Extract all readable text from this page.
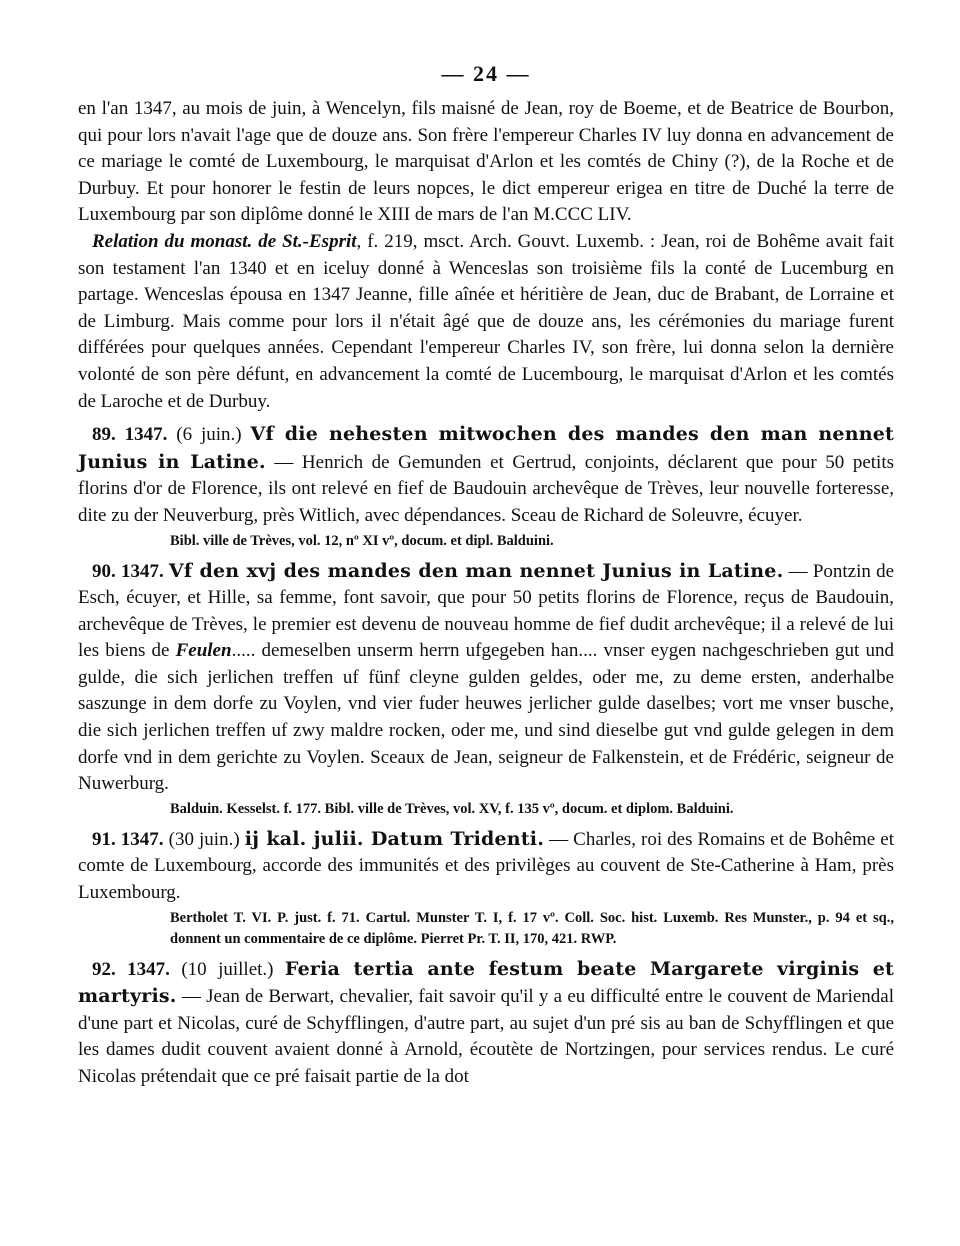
— 24 —

en l'an 1347, au mois de juin, à Wencelyn, fils maisné de Jean, roy de Boeme, et de Beatrice de Bourbon, qui pour lors n'avait l'age que de douze ans. Son frère l'empereur Charles IV luy donna en advancement de ce mariage le comté de Luxembourg, le marquisat d'Arlon et les comtés de Chiny (?), de la Roche et de Durbuy. Et pour honorer le festin de leurs nopces, le dict empereur erigea en titre de Duché la terre de Luxembourg par son diplôme donné le XIII de mars de l'an M.CCC LIV.

Relation du monast. de St.-Esprit, f. 219, msct. Arch. Gouvt. Luxemb. : Jean, roi de Bohême avait fait son testament l'an 1340 et en iceluy donné à Wenceslas son troisième fils la conté de Lucemburg en partage. Wenceslas épousa en 1347 Jeanne, fille aînée et héritière de Jean, duc de Brabant, de Lorraine et de Limburg. Mais comme pour lors il n'était âgé que de douze ans, les cérémonies du mariage furent différées pour quelques années. Cependant l'empereur Charles IV, son frère, lui donna selon la dernière volonté de son père défunt, en advancement la comté de Lucembourg, le marquisat d'Arlon et les comtés de Laroche et de Durbuy.

89. 1347. (6 juin.) Vf die nehesten mitwochen des mandes den man nennet Junius in Latine. — Henrich de Gemunden et Gertrud, conjoints, déclarent que pour 50 petits florins d'or de Florence, ils ont relevé en fief de Baudouin archevêque de Trèves, leur nouvelle forteresse, dite zu der Neuverburg, près Witlich, avec dépendances. Sceau de Richard de Soleuvre, écuyer.

Bibl. ville de Trèves, vol. 12, nº XI vº, docum. et dipl. Balduini.

90. 1347. Vf den xvj des mandes den man nennet Junius in Latine. — Pontzin de Esch, écuyer, et Hille, sa femme, font savoir, que pour 50 petits florins de Florence, reçus de Baudouin, archevêque de Trèves, le premier est devenu de nouveau homme de fief dudit archevêque; il a relevé de lui les biens de Feulen..... demeselben unserm herrn ufgegeben han.... vnser eygen nachgeschrieben gut und gulde, die sich jerlichen treffen uf fünf cleyne gulden geldes, oder me, zu deme ersten, anderhalbe saszunge in dem dorfe zu Voylen, vnd vier fuder heuwes jerlicher gulde daselbes; vort me vnser busche, die sich jerlichen treffen uf zwy maldre rocken, oder me, und sind dieselbe gut vnd gulde gelegen in dem dorfe vnd in dem gerichte zu Voylen. Sceaux de Jean, seigneur de Falkenstein, et de Frédéric, seigneur de Nuwerburg.

Balduin. Kesselst. f. 177. Bibl. ville de Trèves, vol. XV, f. 135 vº, docum. et diplom. Balduini.

91. 1347. (30 juin.) ij kal. julii. Datum Tridenti. — Charles, roi des Romains et de Bohême et comte de Luxembourg, accorde des immunités et des privilèges au couvent de Ste-Catherine à Ham, près Luxembourg.

Bertholet T. VI. P. just. f. 71. Cartul. Munster T. I, f. 17 vº. Coll. Soc. hist. Luxemb. Res Munster., p. 94 et sq., donnent un commentaire de ce diplôme. Pierret Pr. T. II, 170, 421. RWP.

92. 1347. (10 juillet.) Feria tertia ante festum beate Margarete virginis et martyris. — Jean de Berwart, chevalier, fait savoir qu'il y a eu difficulté entre le couvent de Mariendal d'une part et Nicolas, curé de Schyfflingen, d'autre part, au sujet d'un pré sis au ban de Schyfflingen et que les dames dudit couvent avaient donné à Arnold, écoutète de Nortzingen, pour services rendus. Le curé Nicolas prétendait que ce pré faisait partie de la dot
